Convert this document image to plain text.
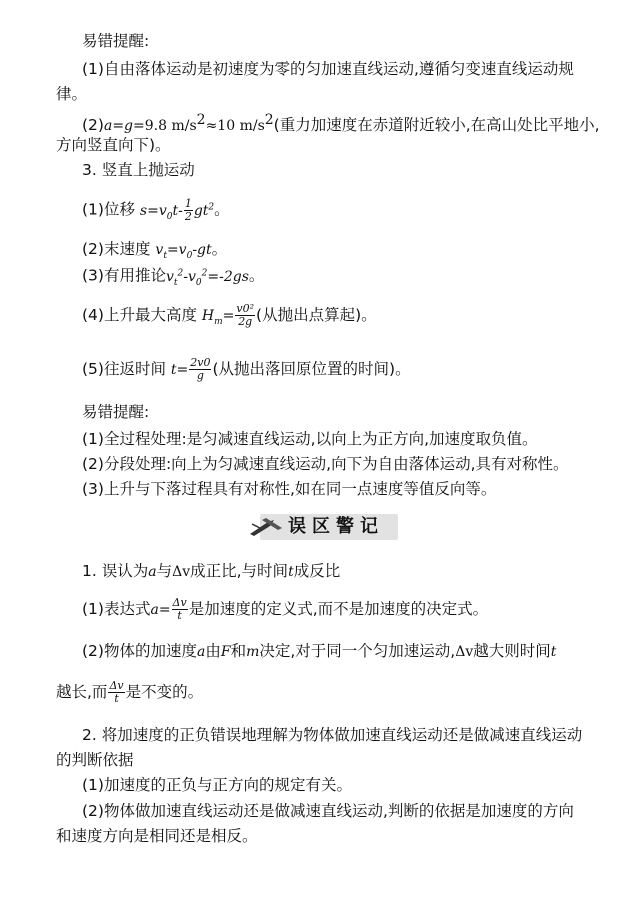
易错提醒:
(1)自由落体运动是初速度为零的匀加速直线运动,遵循匀变速直线运动规
律。
(2)a=g=9.8 $m/s^2\approx 10$ $m/s^2$(重力加速度在赤道附近较小,在高山处比平地小,
方向竖直向下)。
3. 竖直上抛运动
(1)位移 $s=v_0t- \frac{1}{2} gt^2$。
(2)末速度 $v_t=v_0-gt$。
(3)有用推论$v_t^2-v_0^2=-2gs$。
(4)上升最大高度 $H_m= \frac{\text{v0²}}{2g}$ (从抛出点算起)。
(5)往返时间 $t= \frac{2v0}{g}$ (从抛出落回原位置的时间)。
易错提醒:
(1)全过程处理:是匀减速直线运动,以向上为正方向,加速度取负值。
(2)分段处理:向上为匀减速直线运动,向下为自由落体运动,具有对称性。
(3)上升与下落过程具有对称性,如在同一点速度等值反向等。
误区警记
1. 误认为a与Δv成正比,与时间t成反比
(1)表达式$a= \frac{\Delta v}{t}$ 是加速度的定义式,而不是加速度的决定式。
(2)物体的加速度a由F和m决定,对于同一个匀加速运动,Δv越大则时间t
越长,而 $\frac{\Delta v}{t}$ 是不变的。
2. 将加速度的正负错误地理解为物体做加速直线运动还是做减速直线运动
的判断依据
(1)加速度的正负与正方向的规定有关。
(2)物体做加速直线运动还是做减速直线运动,判断的依据是加速度的方向
和速度方向是相同还是相反。
